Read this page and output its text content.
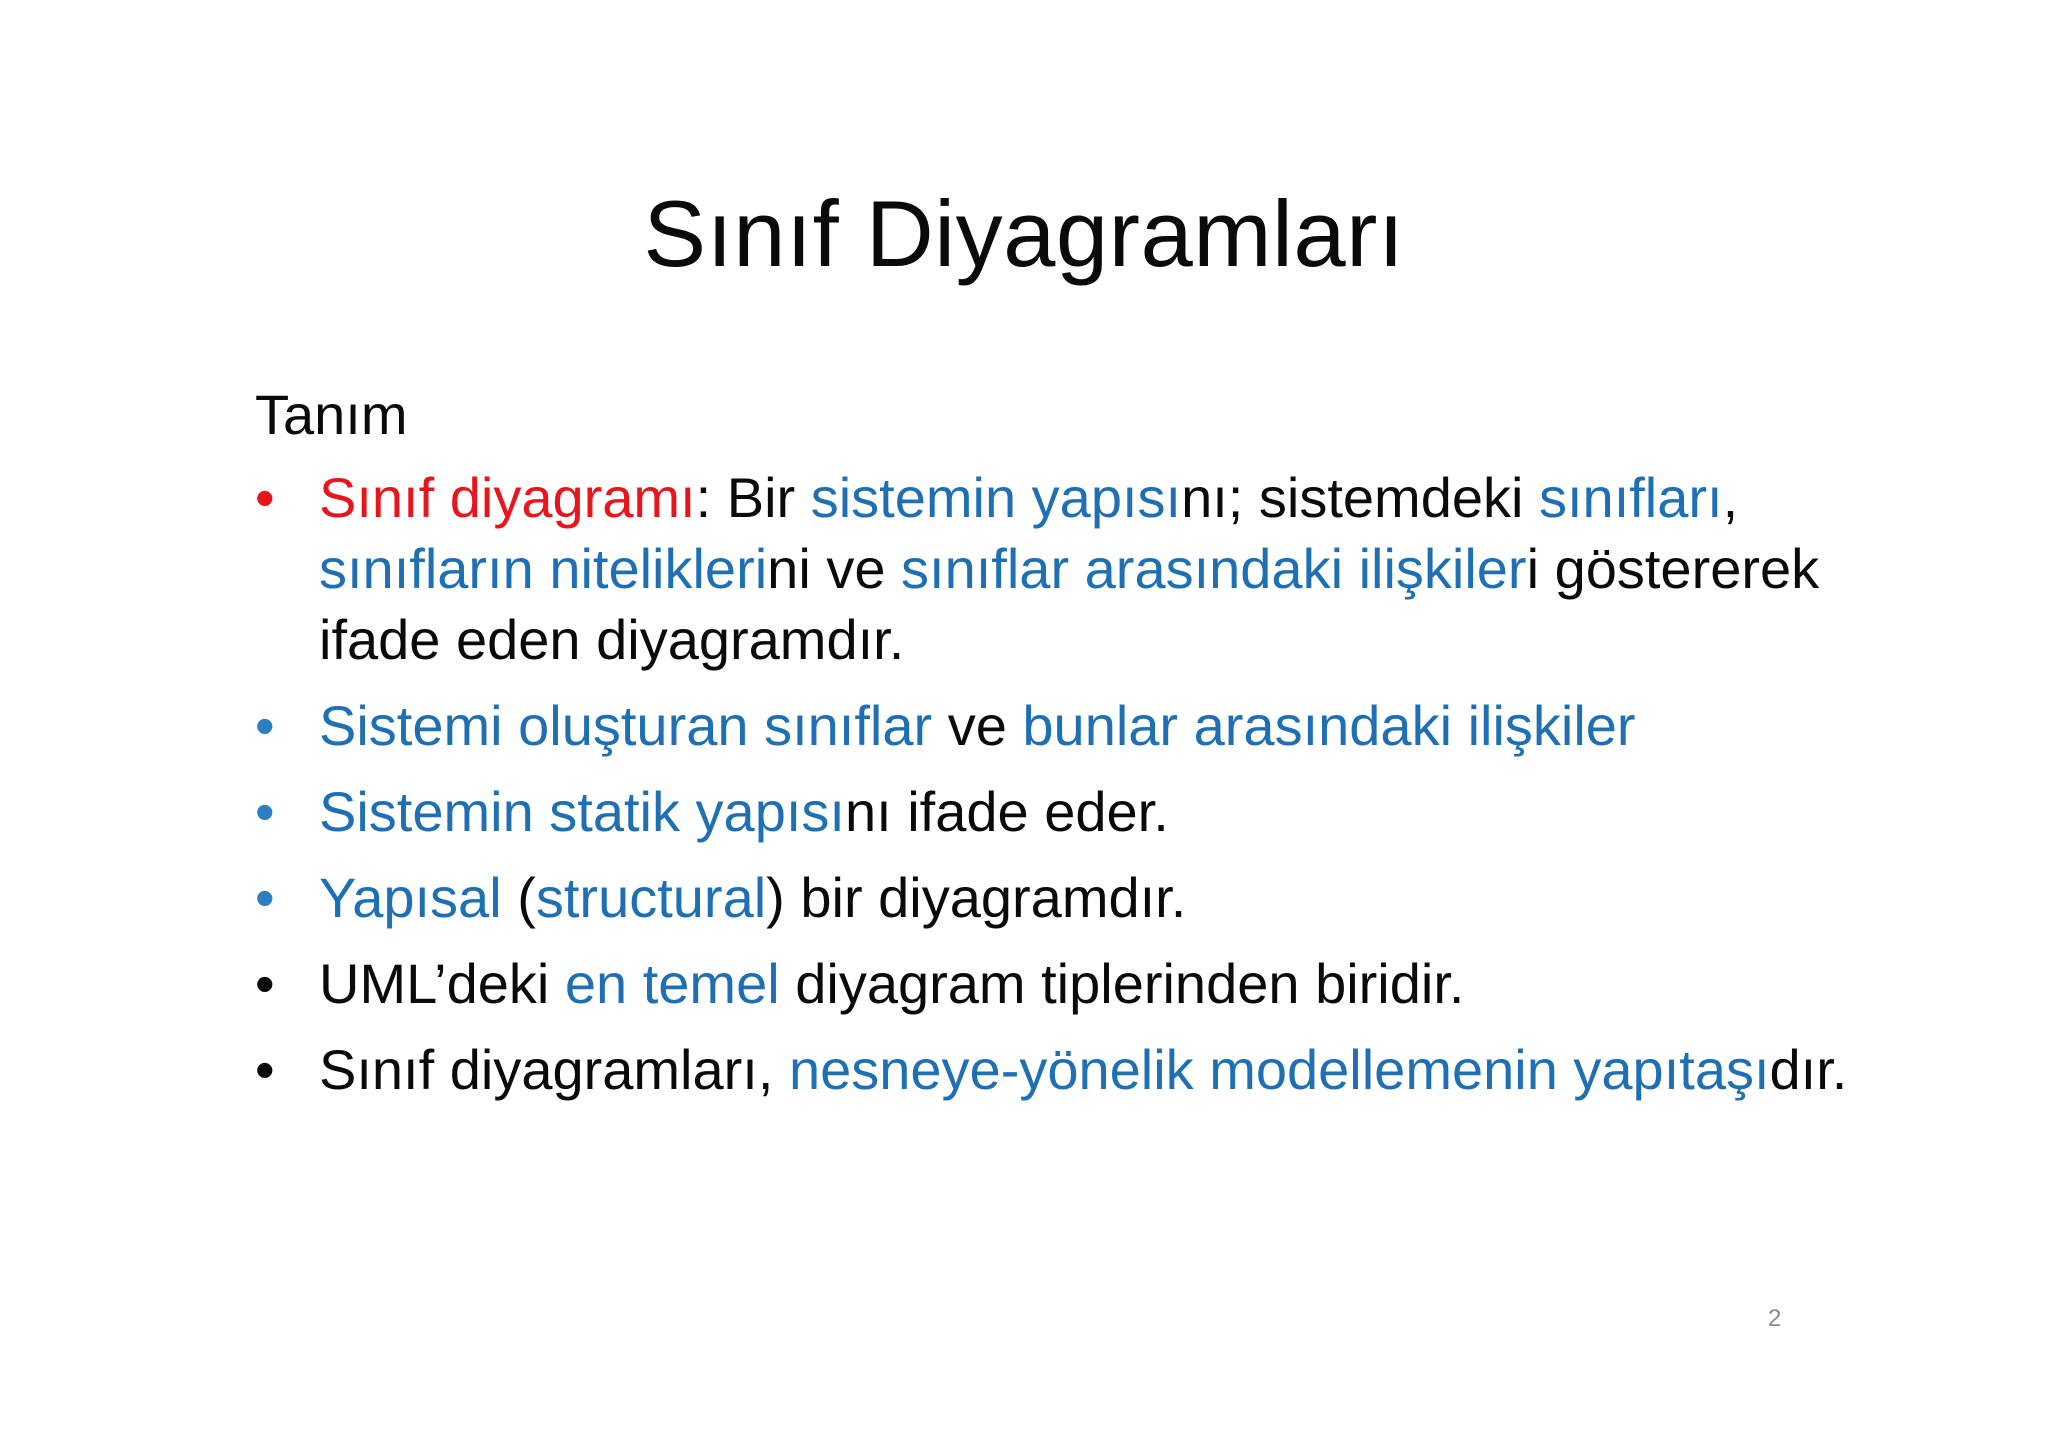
Sınıf Diyagramları
Tanım
• Sınıf diyagramı: Bir sistemin yapısını; sistemdeki sınıfları, sınıfların niteliklerini ve sınıflar arasındaki ilişkileri göstererek ifade eden diyagramdır.
• Sistemi oluşturan sınıflar ve bunlar arasındaki ilişkiler
• Sistemin statik yapısını ifade eder.
• Yapısal (structural) bir diyagramdır.
• UML’deki en temel diyagram tiplerinden biridir.
• Sınıf diyagramları, nesneye-yönelik modellemenin yapıtaşıdır.
2
